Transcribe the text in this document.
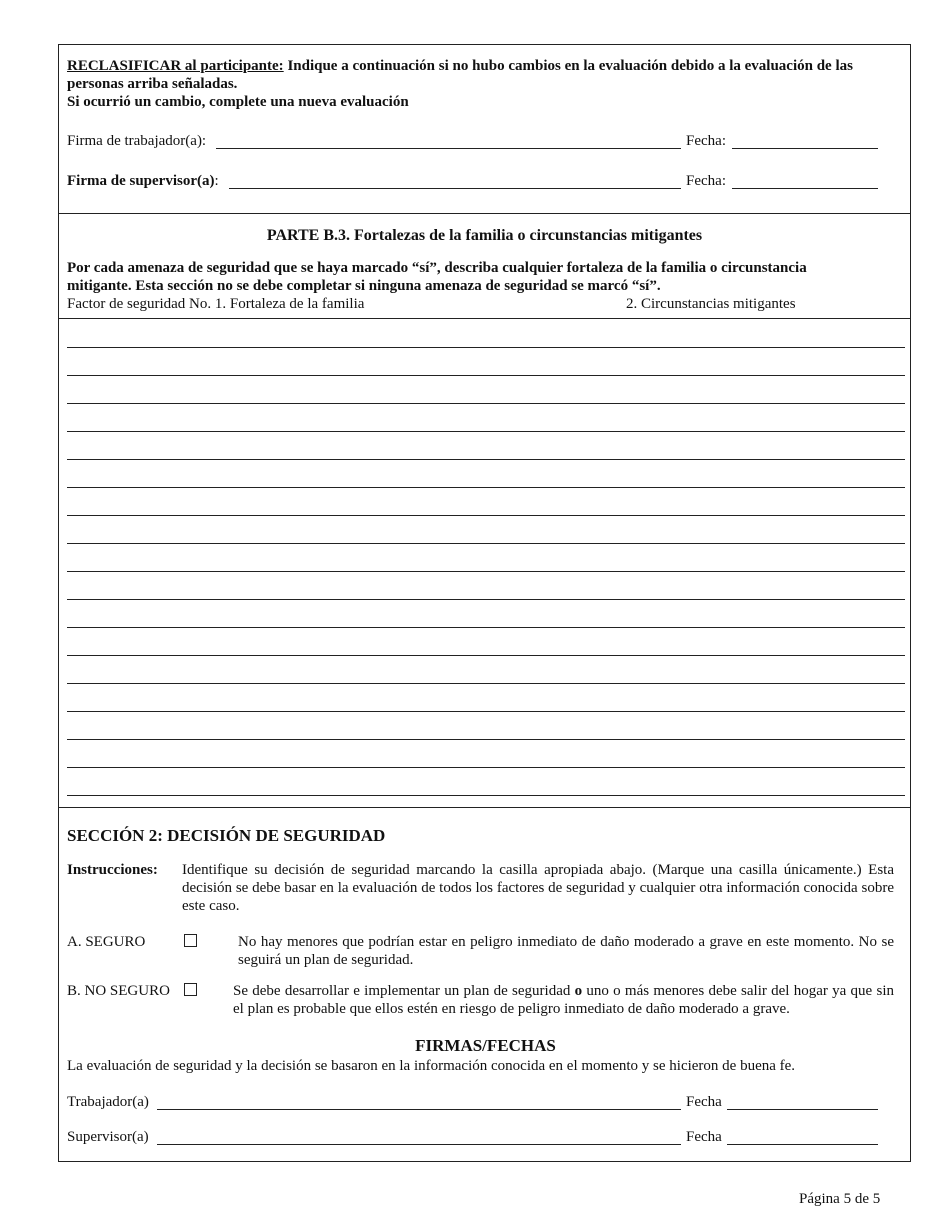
RECLASIFICAR al participante: Indique a continuación si no hubo cambios en la evaluación debido a la evaluación de las personas arriba señaladas.
Si ocurrió un cambio, complete una nueva evaluación
Firma de trabajador(a):	Fecha:
Firma de supervisor(a):	Fecha:
PARTE B.3. Fortalezas de la familia o circunstancias mitigantes
Por cada amenaza de seguridad que se haya marcado “sí”, describa cualquier fortaleza de la familia o circunstancia
mitigante. Esta sección no se debe completar si ninguna amenaza de seguridad se marcó “sí”.
Factor de seguridad No. 1. Fortaleza de la familia	2. Circunstancias mitigantes
SECCIÓN 2: DECISIÓN DE SEGURIDAD
Instrucciones: Identifique su decisión de seguridad marcando la casilla apropiada abajo. (Marque una casilla únicamente.) Esta decisión se debe basar en la evaluación de todos los factores de seguridad y cualquier otra información conocida sobre este caso.
A. SEGURO	No hay menores que podrían estar en peligro inmediato de daño moderado a grave en este momento. No se seguirá un plan de seguridad.
B. NO SEGURO	Se debe desarrollar e implementar un plan de seguridad o uno o más menores debe salir del hogar ya que sin el plan es probable que ellos estén en riesgo de peligro inmediato de daño moderado a grave.
FIRMAS/FECHAS
La evaluación de seguridad y la decisión se basaron en la información conocida en el momento y se hicieron de buena fe.
Trabajador(a)	Fecha
Supervisor(a)	Fecha
Página 5 de 5
